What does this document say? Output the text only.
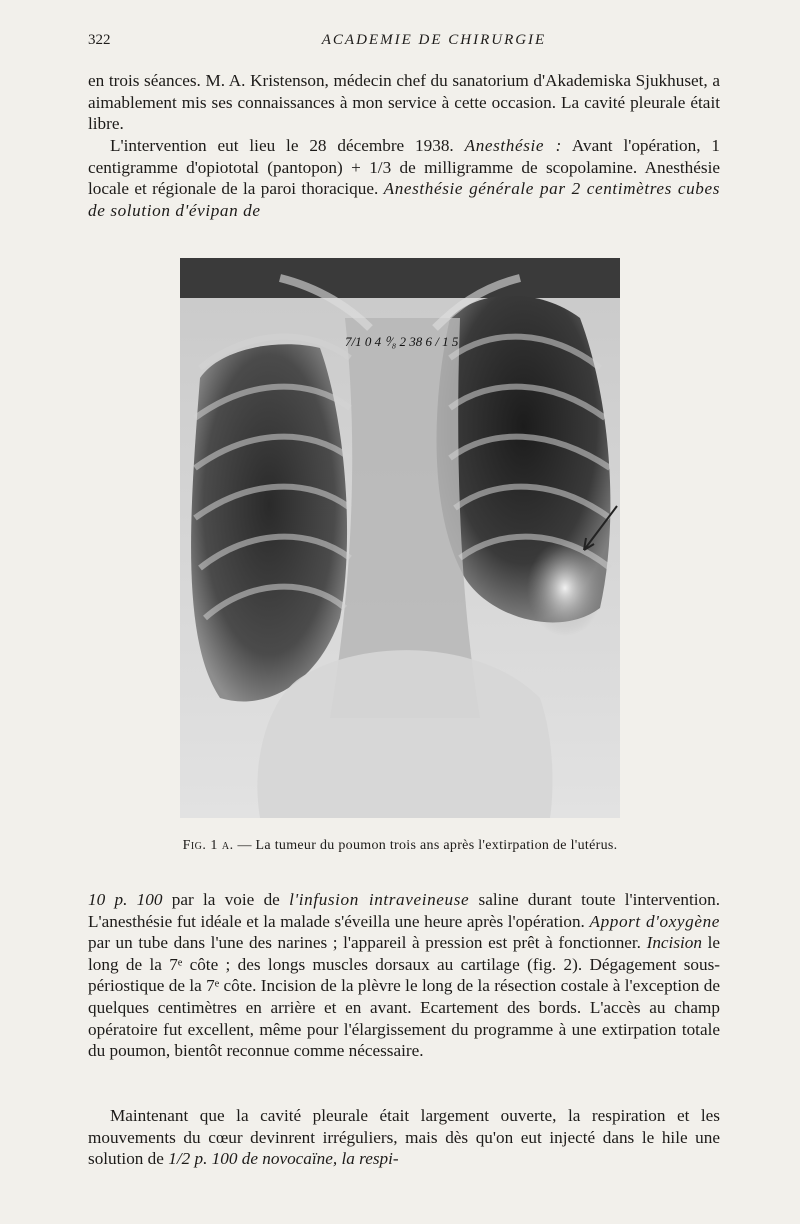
322	ACADEMIE DE CHIRURGIE

en trois séances. M. A. Kristenson, médecin chef du sanatorium d'Akademiska Sjukhuset, a aimablement mis ses connaissances à mon service à cette occasion. La cavité pleurale était libre.

L'intervention eut lieu le 28 décembre 1938. Anesthésie : Avant l'opération, 1 centigramme d'opiototal (pantopon) + 1/3 de milligramme de scopolamine. Anesthésie locale et régionale de la paroi thoracique. Anesthésie générale par 2 centimètres cubes de solution d'évipan de

7/1 0 4 ⁰⁄₈ 2 38 6 / 1 5
Fig. 1 a. — La tumeur du poumon trois ans après l'extirpation de l'utérus.

10 p. 100 par la voie de l'infusion intraveineuse saline durant toute l'intervention. L'anesthésie fut idéale et la malade s'éveilla une heure après l'opération. Apport d'oxygène par un tube dans l'une des narines ; l'appareil à pression est prêt à fonctionner. Incision le long de la 7ᵉ côte ; des longs muscles dorsaux au cartilage (fig. 2). Dégagement sous-périostique de la 7ᵉ côte. Incision de la plèvre le long de la résection costale à l'exception de quelques centimètres en arrière et en avant. Ecartement des bords. L'accès au champ opératoire fut excellent, même pour l'élargissement du programme à une extirpation totale du poumon, bientôt reconnue comme nécessaire.

Maintenant que la cavité pleurale était largement ouverte, la respiration et les mouvements du cœur devinrent irréguliers, mais dès qu'on eut injecté dans le hile une solution de 1/2 p. 100 de novocaïne, la respi-
